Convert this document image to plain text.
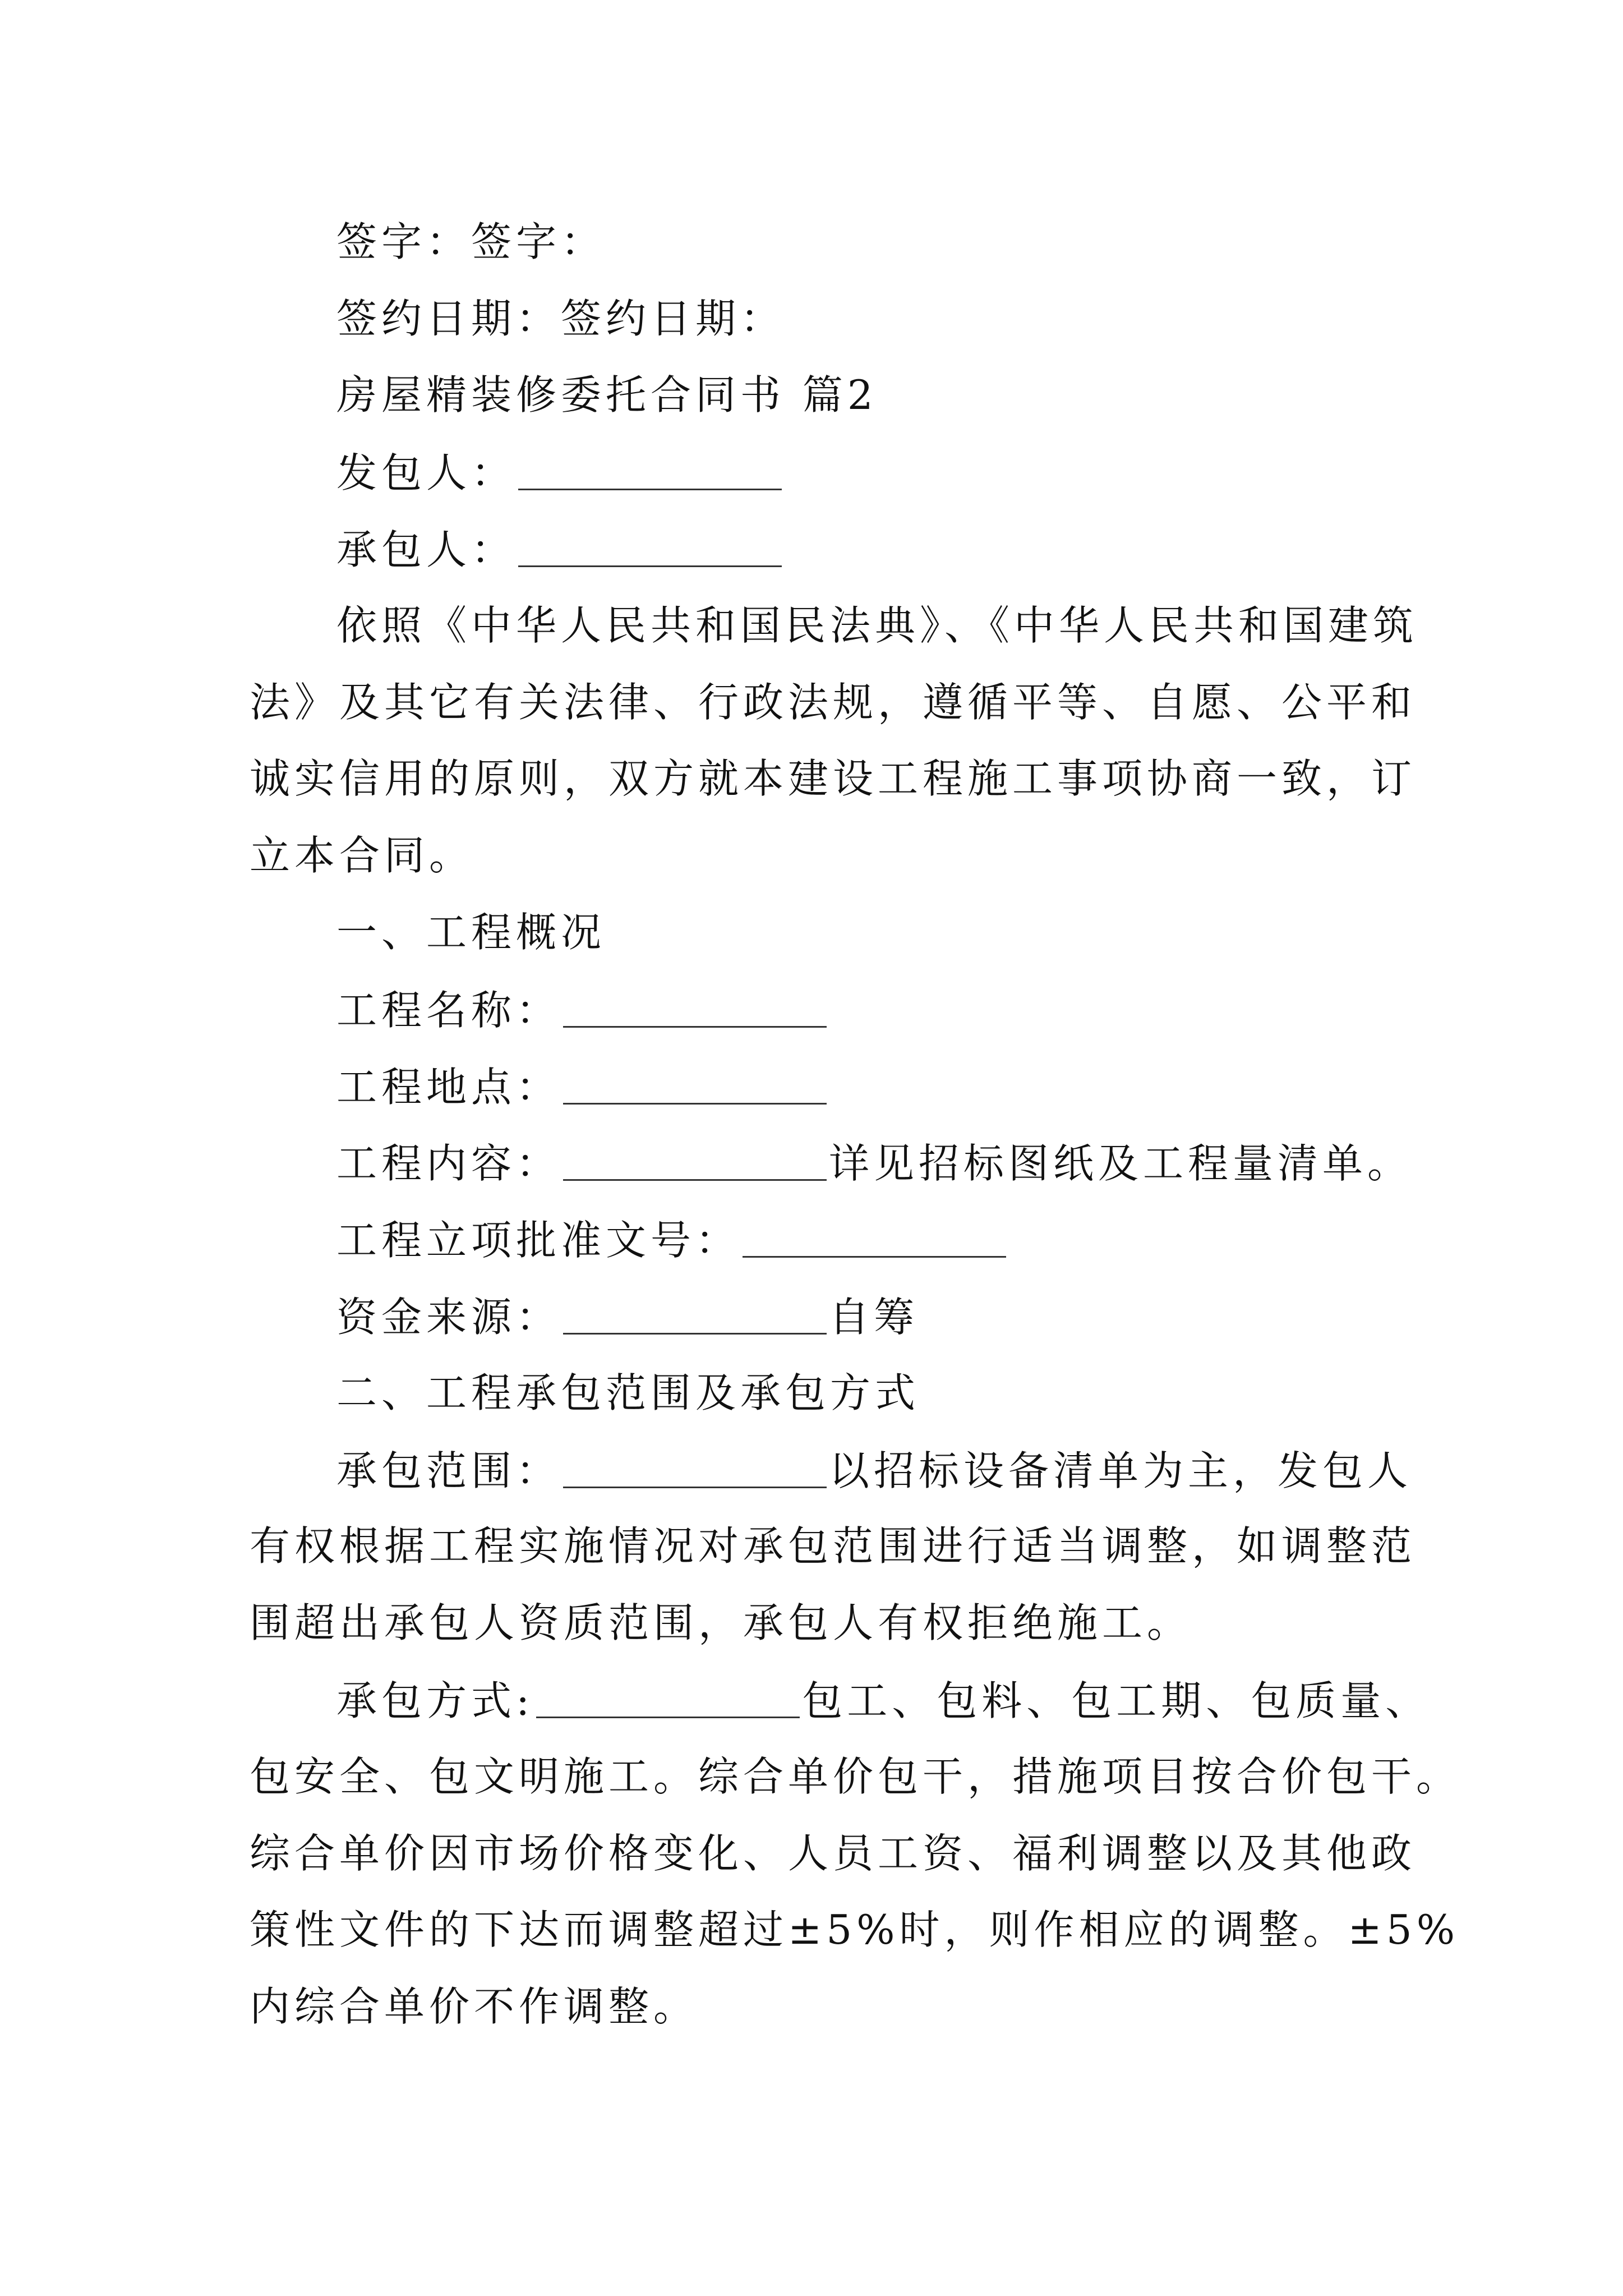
签字：签字：
签约日期：签约日期：
房屋精装修委托合同书 篇2
发包人：
承包人：
依照《中华人民共和国民法典》、《中华人民共和国建筑
法》及其它有关法律、行政法规，遵循平等、自愿、公平和
诚实信用的原则，双方就本建设工程施工事项协商一致，订
立本合同。
一、工程概况
工程名称：
工程地点：
工程内容：	详见招标图纸及工程量清单。
工程立项批准文号：
资金来源：	自筹
二、工程承包范围及承包方式
承包范围：	以招标设备清单为主，发包人
有权根据工程实施情况对承包范围进行适当调整，如调整范
围超出承包人资质范围，承包人有权拒绝施工。
承包方式:	包工、包料、包工期、包质量、
包安全、包文明施工。综合单价包干，措施项目按合价包干。
综合单价因市场价格变化、人员工资、福利调整以及其他政
策性文件的下达而调整超过±5%时，则作相应的调整。±5%
内综合单价不作调整。
